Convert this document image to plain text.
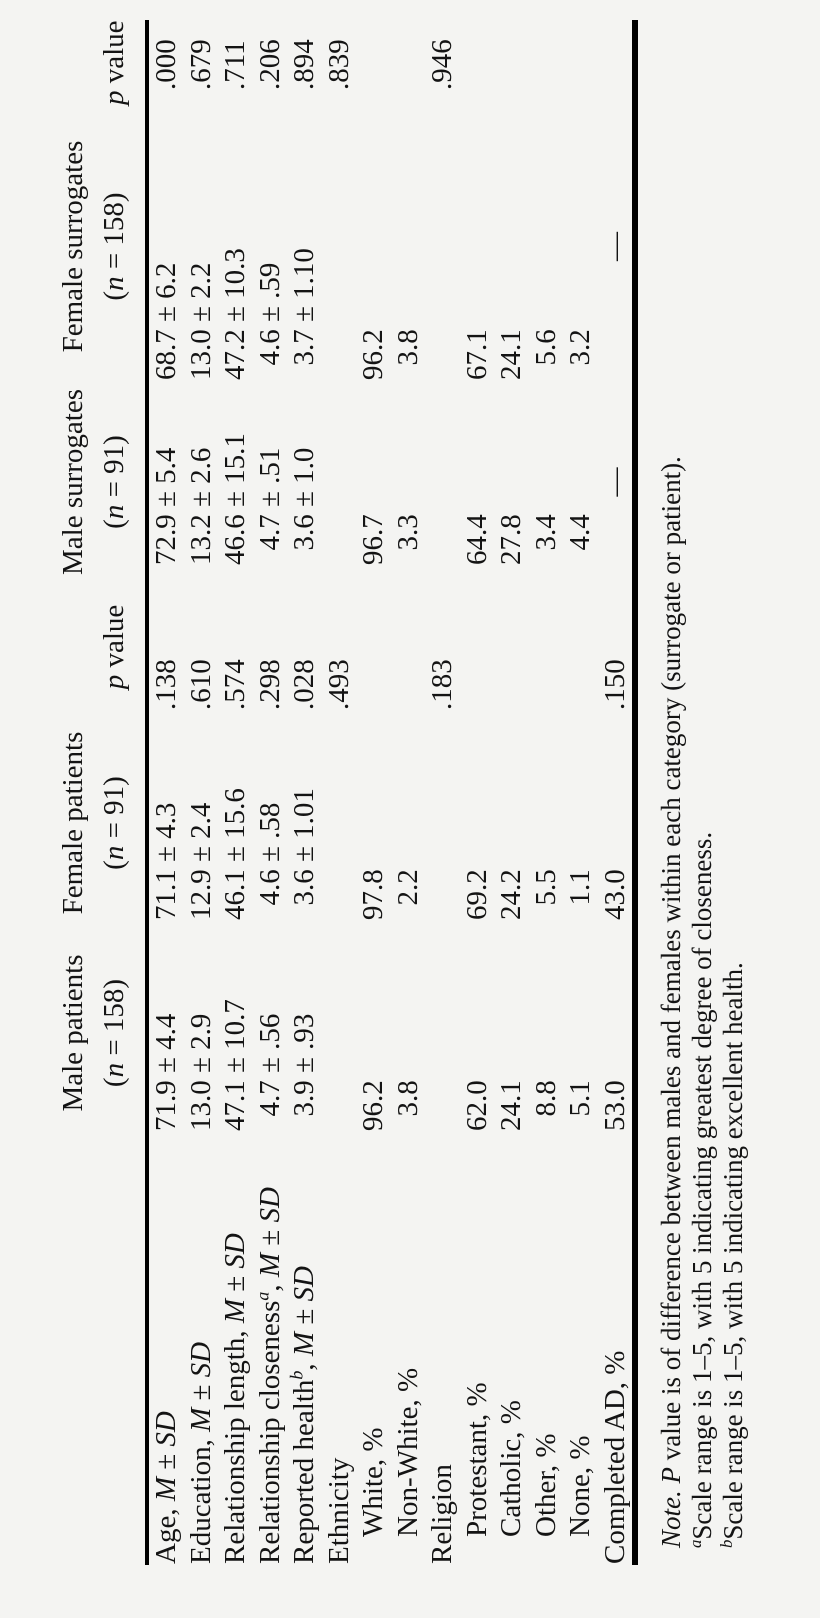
	Male patients (n = 158)	Female patients (n = 91)	p value	Male surrogates (n = 91)	Female surrogates (n = 158)	p value

Age, M ± SD	71.9 ± 4.4	71.1 ± 4.3	.138	72.9 ± 5.4	68.7 ± 6.2	.000
Education, M ± SD	13.0 ± 2.9	12.9 ± 2.4	.610	13.2 ± 2.6	13.0 ± 2.2	.679
Relationship length, M ± SD	47.1 ± 10.7	46.1 ± 15.6	.574	46.6 ± 15.1	47.2 ± 10.3	.711
Relationship closeness$^a$, M ± SD	4.7 ± .56	4.6 ± .58	.298	4.7 ± .51	4.6 ± .59	.206
Reported health$^b$, M ± SD	3.9 ± .93	3.6 ± 1.01	.028	3.6 ± 1.0	3.7 ± 1.10	.894
Ethnicity			.493			.839
White, %	96.2	97.8		96.7	96.2	
Non-White, %	3.8	2.2		3.3	3.8	
Religion			.183			.946
Protestant, %	62.0	69.2		64.4	67.1	
Catholic, %	24.1	24.2		27.8	24.1	
Other, %	8.8	5.5		3.4	5.6	
None, %	5.1	1.1		4.4	3.2	
Completed AD, %	53.0	43.0	.150	—	—	
Note. P value is of difference between males and females within each category (surrogate or patient).
$^a$Scale range is 1–5, with 5 indicating greatest degree of closeness.
$^b$Scale range is 1–5, with 5 indicating excellent health.
